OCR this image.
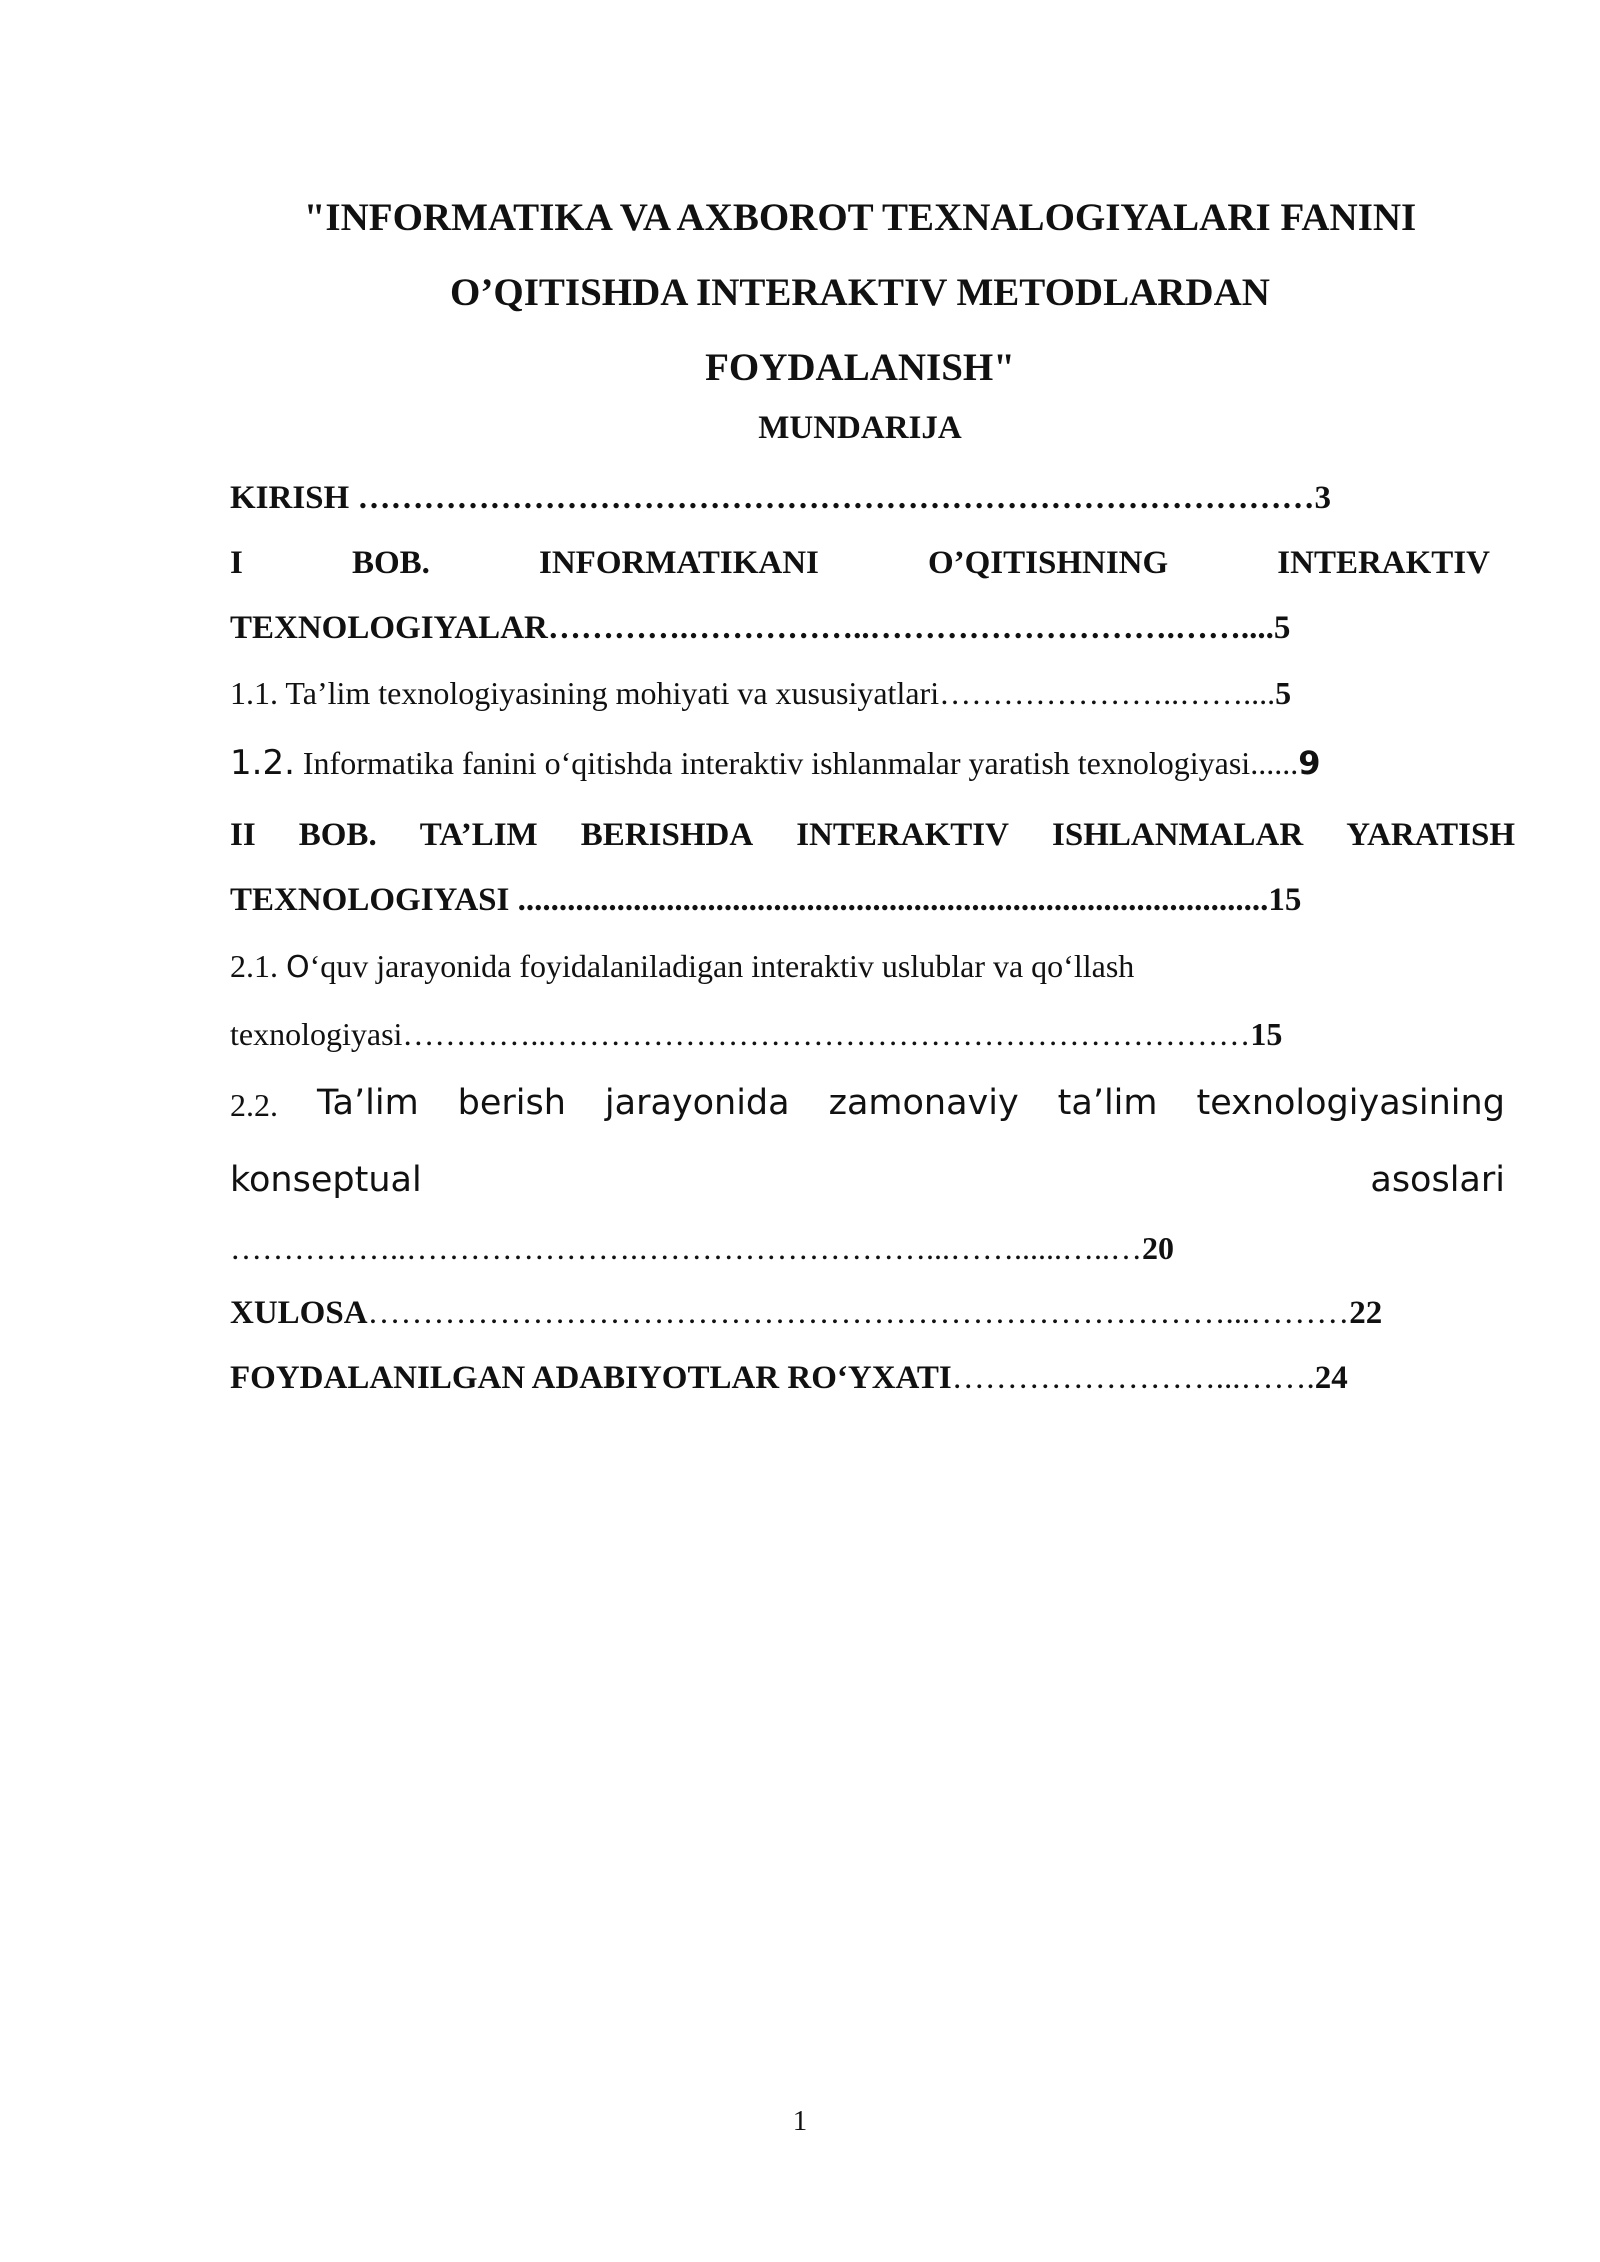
"INFORMATIKA VA AXBOROT TEXNALOGIYALARI FANINI
O’QITISHDA INTERAKTIV METODLARDAN
FOYDALANISH"
MUNDARIJA
KIRISH ……………………………………………………………………………3
I	BOB.	INFORMATIKANI	O’QITISHNING	INTERAKTIV
TEXNOLOGIYALAR………….……………..……………………….……....5
1.1. Ta’lim texnologiyasining mohiyati va xususiyatlari…………………..……....5
1.2. Informatika fanini o‘qitishda interaktiv ishlanmalar yaratish texnologiyasi......9
II BOB. TA’LIM BERISHDA INTERAKTIV ISHLANMALAR YARATISH
TEXNOLOGIYASI ...........................................................................................15
2.1. O‘quv jarayonida foyidalaniladigan interaktiv uslublar va qo‘llash
texnologiyasi…………..…………………………………………………………15
2.2. Ta’lim berish jarayonida zamonaviy ta’lim texnologiyasining
konseptual	asoslari
……………..………………….………………………...……......…..…20
XULOSA……………………………………………………………………...………22
FOYDALANILGAN ADABIYOTLAR RO‘YXATI……………………...…….24
1
